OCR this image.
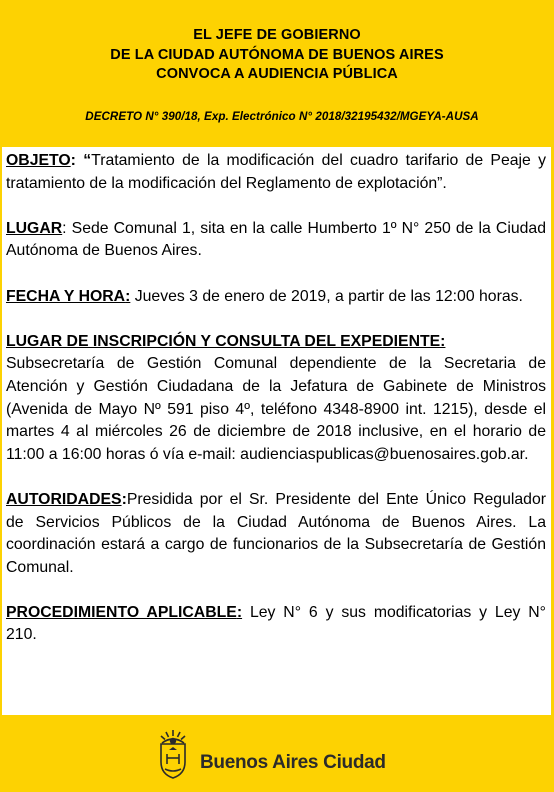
EL JEFE DE GOBIERNO
DE LA CIUDAD AUTÓNOMA DE BUENOS AIRES
CONVOCA A AUDIENCIA PÚBLICA
DECRETO N° 390/18, Exp. Electrónico N° 2018/32195432/MGEYA-AUSA

OBJETO: “Tratamiento de la modificación del cuadro tarifario de Peaje y tratamiento de la modificación del Reglamento de explotación”.

LUGAR: Sede Comunal 1, sita en la calle Humberto 1º N° 250 de la Ciudad Autónoma de Buenos Aires.

FECHA Y HORA: Jueves 3 de enero de 2019, a partir de las 12:00 horas.

LUGAR DE INSCRIPCIÓN Y CONSULTA DEL EXPEDIENTE:
Subsecretaría de Gestión Comunal dependiente de la Secretaria de Atención y Gestión Ciudadana de la Jefatura de Gabinete de Ministros (Avenida de Mayo Nº 591 piso 4º, teléfono 4348-8900 int. 1215), desde el martes 4 al miércoles 26 de diciembre de 2018 inclusive, en el horario de 11:00 a 16:00 horas ó vía e-mail: audienciaspublicas@buenosaires.gob.ar.

AUTORIDADES:Presidida por el Sr. Presidente del Ente Único Regulador de Servicios Públicos de la Ciudad Autónoma de Buenos Aires. La coordinación estará a cargo de funcionarios de la Subsecretaría de Gestión Comunal.

PROCEDIMIENTO APLICABLE: Ley N° 6 y sus modificatorias y Ley N° 210.

Buenos Aires Ciudad
